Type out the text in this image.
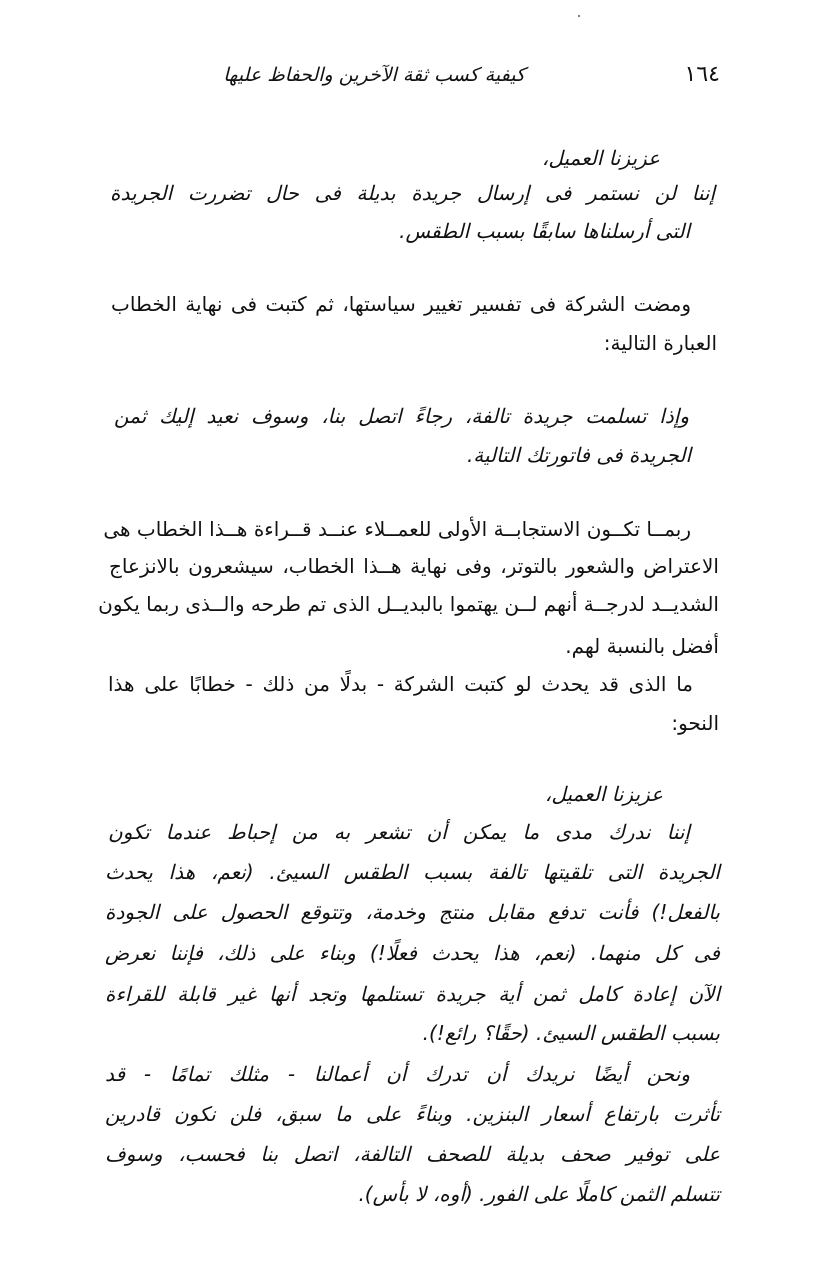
١٦٤
كيفية كسب ثقة الآخرين والحفاظ عليها
عزيزنا العميل،
إننا لن نستمر فى إرسال جريدة بديلة فى حال تضررت الجريدة
التى أرسلناها سابقًا بسبب الطقس.
ومضت الشركة فى تفسير تغيير سياستها، ثم كتبت فى نهاية الخطاب
العبارة التالية:
وإذا تسلمت جريدة تالفة، رجاءً اتصل بنا، وسوف نعيد إليك ثمن
الجريدة فى فاتورتك التالية.
ربمــا تكــون الاستجابــة الأولى للعمــلاء عنــد قــراءة هــذا الخطاب هى
الاعتراض والشعور بالتوتر، وفى نهاية هــذا الخطاب، سيشعرون بالانزعاج
الشديــد لدرجــة أنهم لــن يهتموا بالبديــل الذى تم طرحه والــذى ربما يكون
أفضل بالنسبة لهم.
ما الذى قد يحدث لو كتبت الشركة - بدلًا من ذلك - خطابًا على هذا
النحو:
عزيزنا العميل،
إننا ندرك مدى ما يمكن أن تشعر به من إحباط عندما تكون
الجريدة التى تلقيتها تالفة بسبب الطقس السيئ. (نعم، هذا يحدث
بالفعل!) فأنت تدفع مقابل منتج وخدمة، وتتوقع الحصول على الجودة
فى كل منهما. (نعم، هذا يحدث فعلًا!) وبناء على ذلك، فإننا نعرض
الآن إعادة كامل ثمن أية جريدة تستلمها وتجد أنها غير قابلة للقراءة
بسبب الطقس السيئ. (حقًا؟ رائع!).
ونحن أيضًا نريدك أن تدرك أن أعمالنا - مثلك تمامًا - قد
تأثرت بارتفاع أسعار البنزين. وبناءً على ما سبق، فلن نكون قادرين
على توفير صحف بديلة للصحف التالفة، اتصل بنا فحسب، وسوف
تتسلم الثمن كاملًا على الفور. (أوه، لا بأس).
